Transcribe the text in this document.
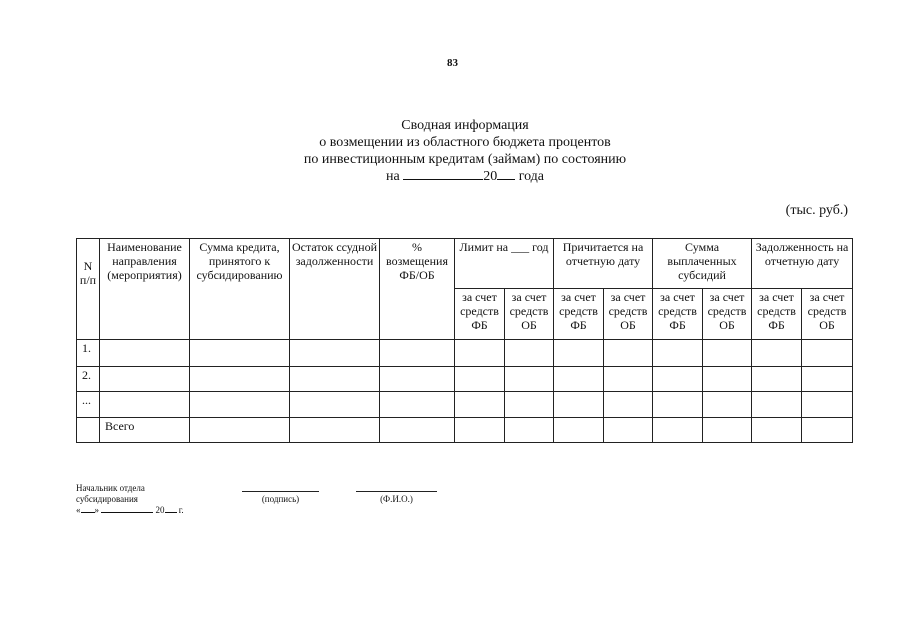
83
Сводная информация
о возмещении из областного бюджета процентов
по инвестиционным кредитам (займам) по состоянию
на	20 года
(тыс. руб.)
N п/п	Наименование направления (мероприятия)	Сумма кредита, принятого к субсидированию	Остаток ссудной задолженности	% возмещения ФБ/ОБ	Лимит на ___ год		Причитается на отчетную дату		Сумма выплаченных субсидий		Задолженность на отчетную дату	
					за счет средств ФБ	за счет средств ОБ	за счет средств ФБ	за счет средств ОБ	за счет средств ФБ	за счет средств ОБ	за счет средств ФБ	за счет средств ОБ
1.												
2.												
...												
	Всего											
Начальник отдела
субсидирования
« »	20 г.
(подпись)	(Ф.И.О.)
